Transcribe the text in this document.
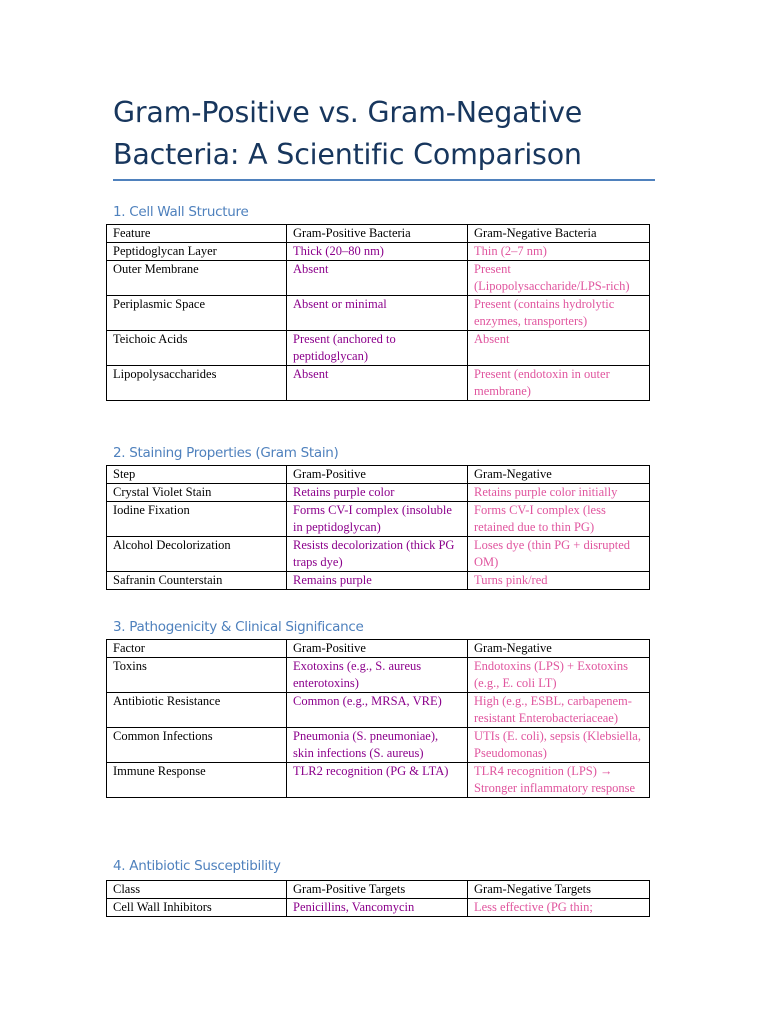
Gram-Positive vs. Gram-Negative Bacteria: A Scientific Comparison
1. Cell Wall Structure
Feature	Gram-Positive Bacteria	Gram-Negative Bacteria
Peptidoglycan Layer	Thick (20–80 nm)	Thin (2–7 nm)
Outer Membrane	Absent	Present (Lipopolysaccharide/LPS-rich)
Periplasmic Space	Absent or minimal	Present (contains hydrolytic enzymes, transporters)
Teichoic Acids	Present (anchored to peptidoglycan)	Absent
Lipopolysaccharides	Absent	Present (endotoxin in outer membrane)
2. Staining Properties (Gram Stain)
Step	Gram-Positive	Gram-Negative
Crystal Violet Stain	Retains purple color	Retains purple color initially
Iodine Fixation	Forms CV-I complex (insoluble in peptidoglycan)	Forms CV-I complex (less retained due to thin PG)
Alcohol Decolorization	Resists decolorization (thick PG traps dye)	Loses dye (thin PG + disrupted OM)
Safranin Counterstain	Remains purple	Turns pink/red
3. Pathogenicity & Clinical Significance
Factor	Gram-Positive	Gram-Negative
Toxins	Exotoxins (e.g., S. aureus enterotoxins)	Endotoxins (LPS) + Exotoxins (e.g., E. coli LT)
Antibiotic Resistance	Common (e.g., MRSA, VRE)	High (e.g., ESBL, carbapenem-resistant Enterobacteriaceae)
Common Infections	Pneumonia (S. pneumoniae), skin infections (S. aureus)	UTIs (E. coli), sepsis (Klebsiella, Pseudomonas)
Immune Response	TLR2 recognition (PG & LTA)	TLR4 recognition (LPS) → Stronger inflammatory response
4. Antibiotic Susceptibility
Class	Gram-Positive Targets	Gram-Negative Targets
Cell Wall Inhibitors	Penicillins, Vancomycin	Less effective (PG thin;
